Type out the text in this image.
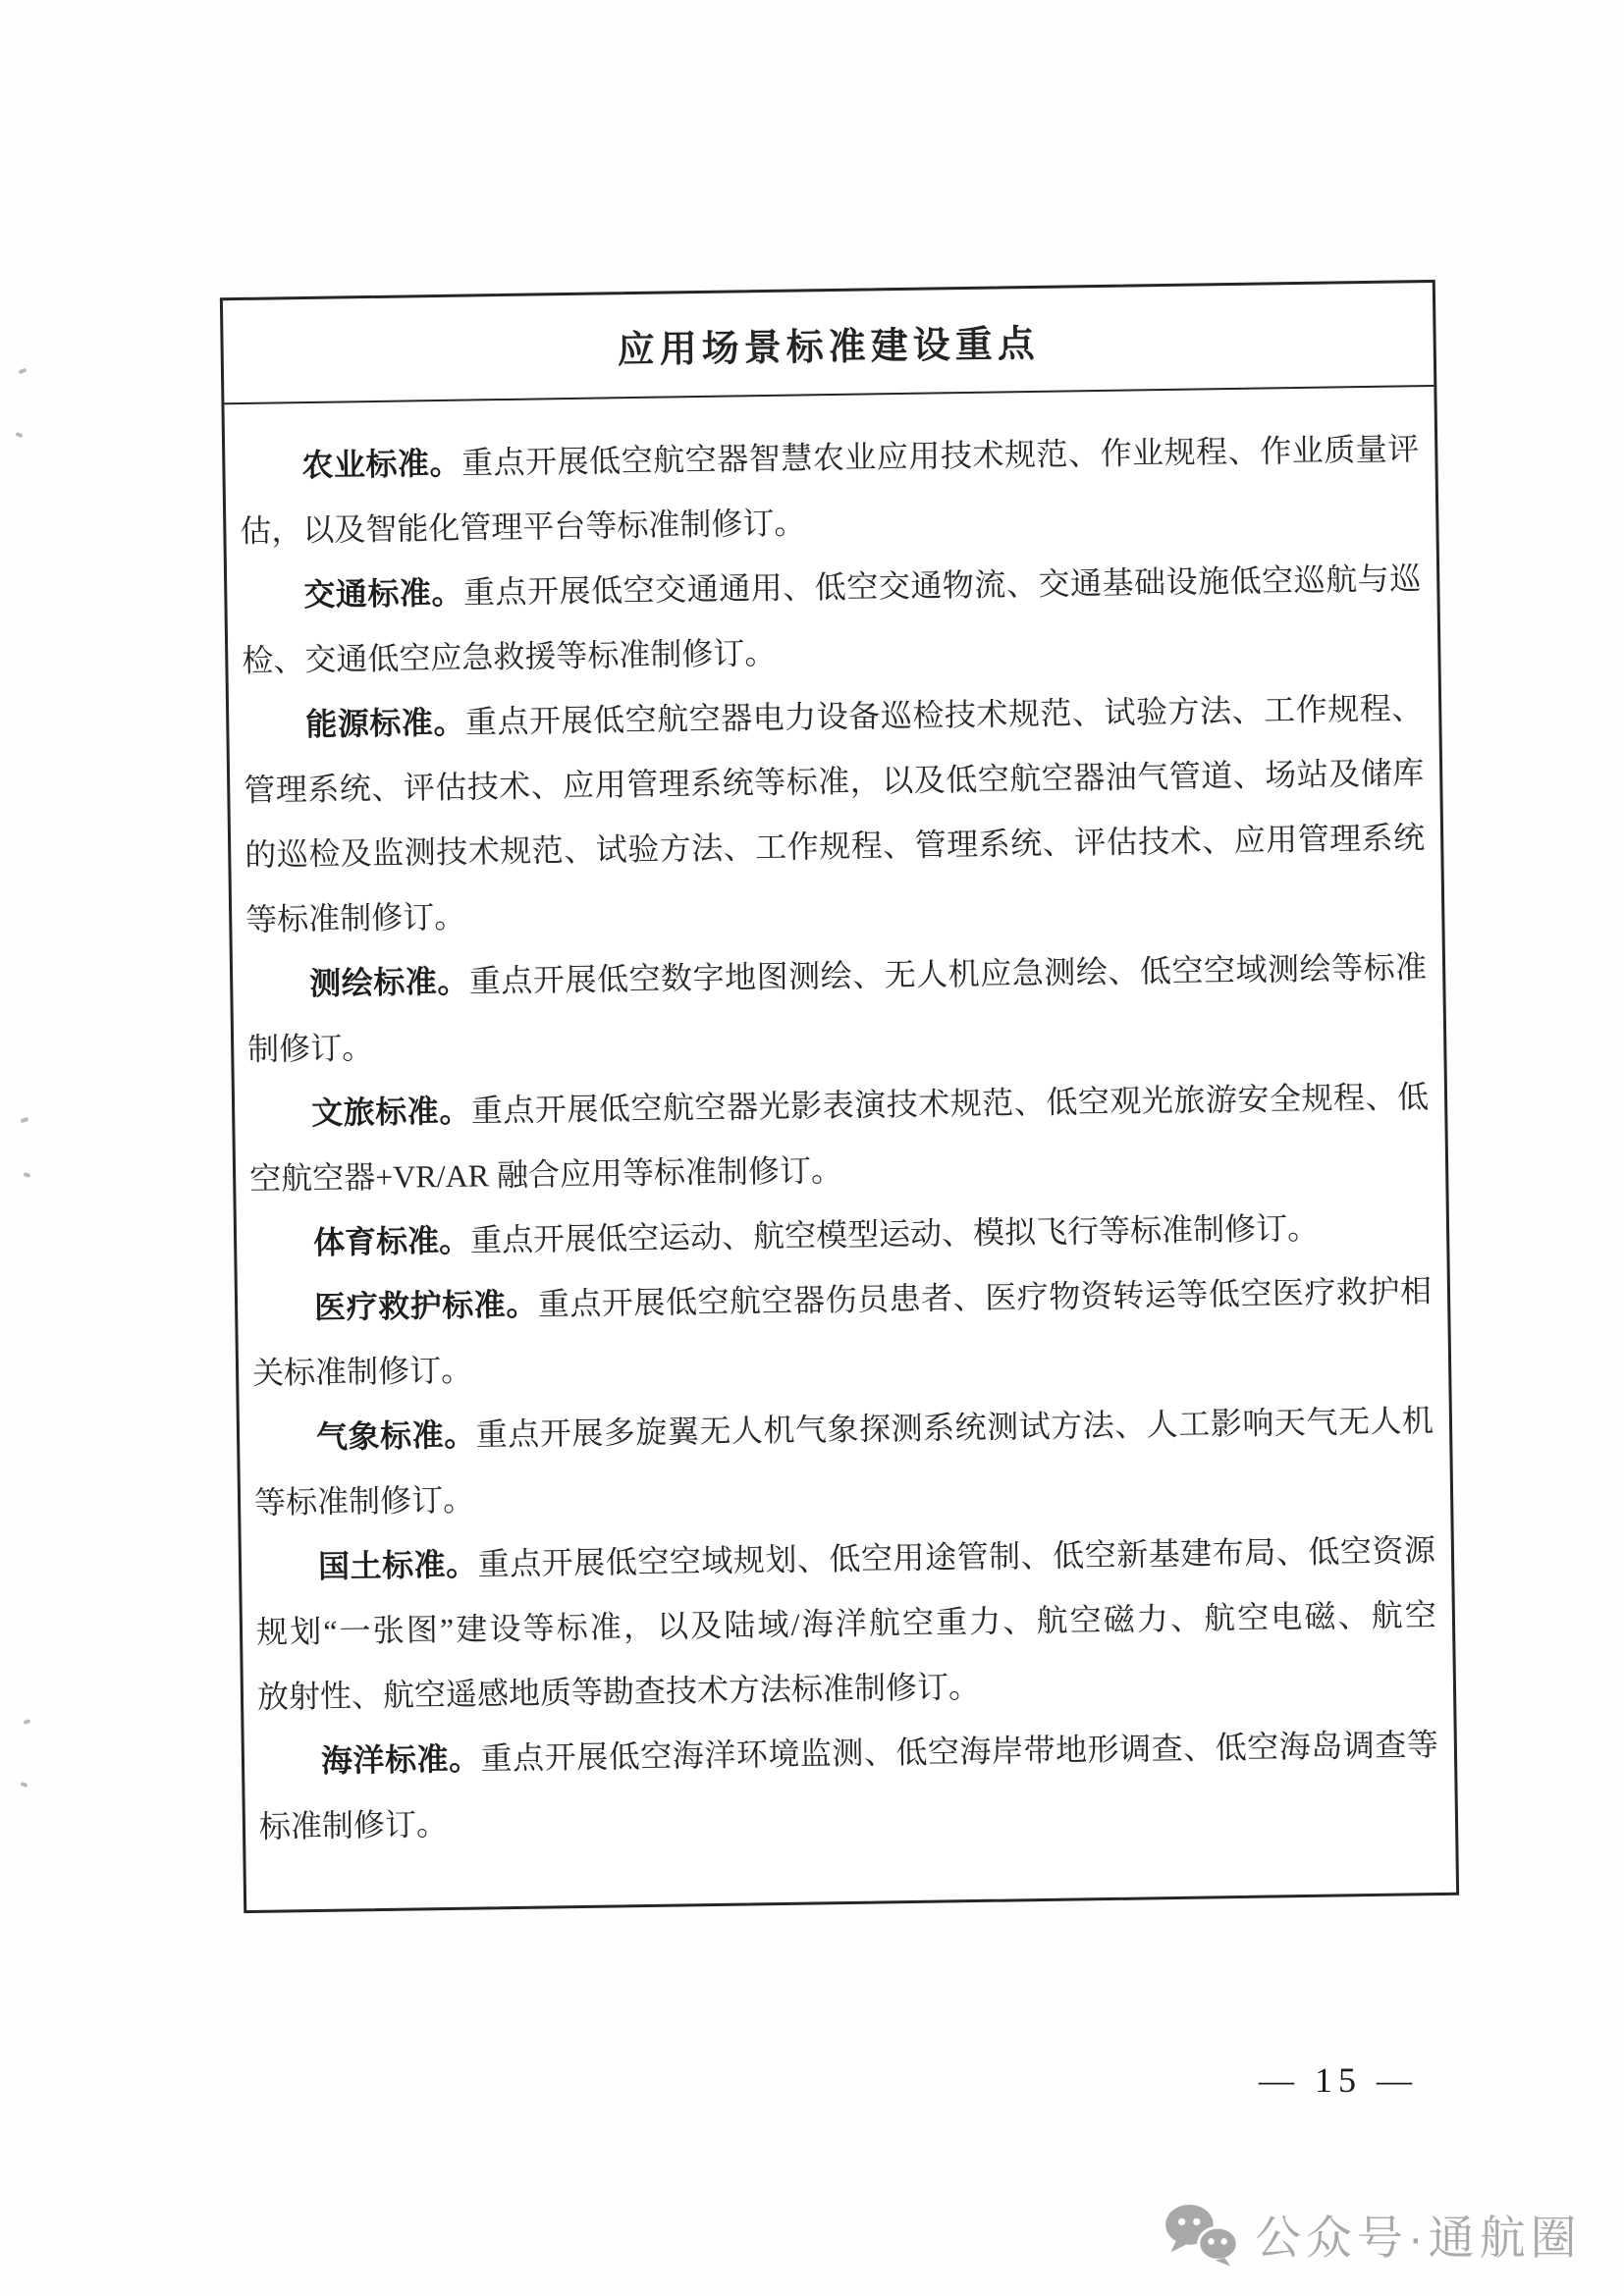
应用场景标准建设重点
农业标准。重点开展低空航空器智慧农业应用技术规范、作业规程、作业质量评
估，以及智能化管理平台等标准制修订。
交通标准。重点开展低空交通通用、低空交通物流、交通基础设施低空巡航与巡
检、交通低空应急救援等标准制修订。
能源标准。重点开展低空航空器电力设备巡检技术规范、试验方法、工作规程、
管理系统、评估技术、应用管理系统等标准，以及低空航空器油气管道、场站及储库
的巡检及监测技术规范、试验方法、工作规程、管理系统、评估技术、应用管理系统
等标准制修订。
测绘标准。重点开展低空数字地图测绘、无人机应急测绘、低空空域测绘等标准
制修订。
文旅标准。重点开展低空航空器光影表演技术规范、低空观光旅游安全规程、低
空航空器+VR/AR 融合应用等标准制修订。
体育标准。重点开展低空运动、航空模型运动、模拟飞行等标准制修订。
医疗救护标准。重点开展低空航空器伤员患者、医疗物资转运等低空医疗救护相
关标准制修订。
气象标准。重点开展多旋翼无人机气象探测系统测试方法、人工影响天气无人机
等标准制修订。
国土标准。重点开展低空空域规划、低空用途管制、低空新基建布局、低空资源
规划“一张图”建设等标准，以及陆域/海洋航空重力、航空磁力、航空电磁、航空
放射性、航空遥感地质等勘查技术方法标准制修订。
海洋标准。重点开展低空海洋环境监测、低空海岸带地形调查、低空海岛调查等
标准制修订。
— 15 —
公众号·通航圈
